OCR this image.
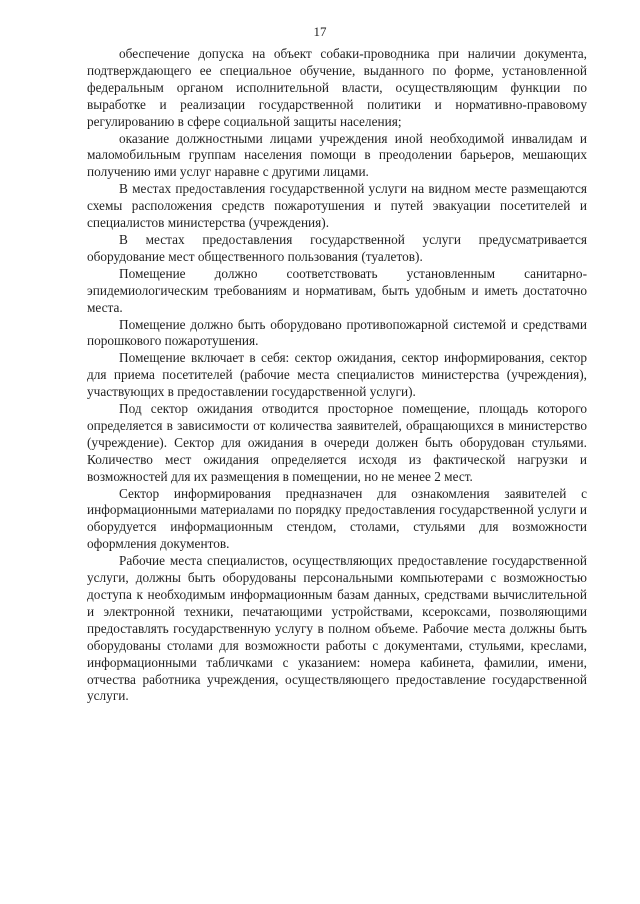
17

обеспечение допуска на объект собаки-проводника при наличии документа, подтверждающего ее специальное обучение, выданного по форме, установленной федеральным органом исполнительной власти, осуществляющим функции по выработке и реализации государственной политики и нормативно-правовому регулированию в сфере социальной защиты населения;

оказание должностными лицами учреждения иной необходимой инвалидам и маломобильным группам населения помощи в преодолении барьеров, мешающих получению ими услуг наравне с другими лицами.

В местах предоставления государственной услуги на видном месте размещаются схемы расположения средств пожаротушения и путей эвакуации посетителей и специалистов министерства (учреждения).

В местах предоставления государственной услуги предусматривается оборудование мест общественного пользования (туалетов).

Помещение должно соответствовать установленным санитарно-эпидемиологическим требованиям и нормативам, быть удобным и иметь достаточно места.

Помещение должно быть оборудовано противопожарной системой и средствами порошкового пожаротушения.

Помещение включает в себя: сектор ожидания, сектор информирования, сектор для приема посетителей (рабочие места специалистов министерства (учреждения), участвующих в предоставлении государственной услуги).

Под сектор ожидания отводится просторное помещение, площадь которого определяется в зависимости от количества заявителей, обращающихся в министерство (учреждение). Сектор для ожидания в очереди должен быть оборудован стульями. Количество мест ожидания определяется исходя из фактической нагрузки и возможностей для их размещения в помещении, но не менее 2 мест.

Сектор информирования предназначен для ознакомления заявителей с информационными материалами по порядку предоставления государственной услуги и оборудуется информационным стендом, столами, стульями для возможности оформления документов.

Рабочие места специалистов, осуществляющих предоставление государственной услуги, должны быть оборудованы персональными компьютерами с возможностью доступа к необходимым информационным базам данных, средствами вычислительной и электронной техники, печатающими устройствами, ксероксами, позволяющими предоставлять государственную услугу в полном объеме. Рабочие места должны быть оборудованы столами для возможности работы с документами, стульями, креслами, информационными табличками с указанием: номера кабинета, фамилии, имени, отчества работника учреждения, осуществляющего предоставление государственной услуги.
